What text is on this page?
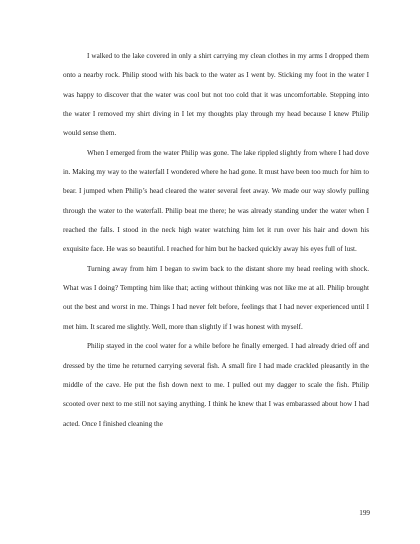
I walked to the lake covered in only a shirt carrying my clean clothes in my arms I dropped them onto a nearby rock. Philip stood with his back to the water as I went by. Sticking my foot in the water I was happy to discover that the water was cool but not too cold that it was uncomfortable. Stepping into the water I removed my shirt diving in I let my thoughts play through my head because I knew Philip would sense them.

When I emerged from the water Philip was gone. The lake rippled slightly from where I had dove in. Making my way to the waterfall I wondered where he had gone. It must have been too much for him to bear. I jumped when Philip’s head cleared the water several feet away. We made our way slowly pulling through the water to the waterfall. Philip beat me there; he was already standing under the water when I reached the falls. I stood in the neck high water watching him let it run over his hair and down his exquisite face. He was so beautiful. I reached for him but he backed quickly away his eyes full of lust.

Turning away from him I began to swim back to the distant shore my head reeling with shock. What was I doing? Tempting him like that; acting without thinking was not like me at all. Philip brought out the best and worst in me. Things I had never felt before, feelings that I had never experienced until I met him. It scared me slightly. Well, more than slightly if I was honest with myself.

Philip stayed in the cool water for a while before he finally emerged. I had already dried off and dressed by the time he returned carrying several fish. A small fire I had made crackled pleasantly in the middle of the cave. He put the fish down next to me. I pulled out my dagger to scale the fish. Philip scooted over next to me still not saying anything. I think he knew that I was embarassed about how I had acted. Once I finished cleaning the

199
